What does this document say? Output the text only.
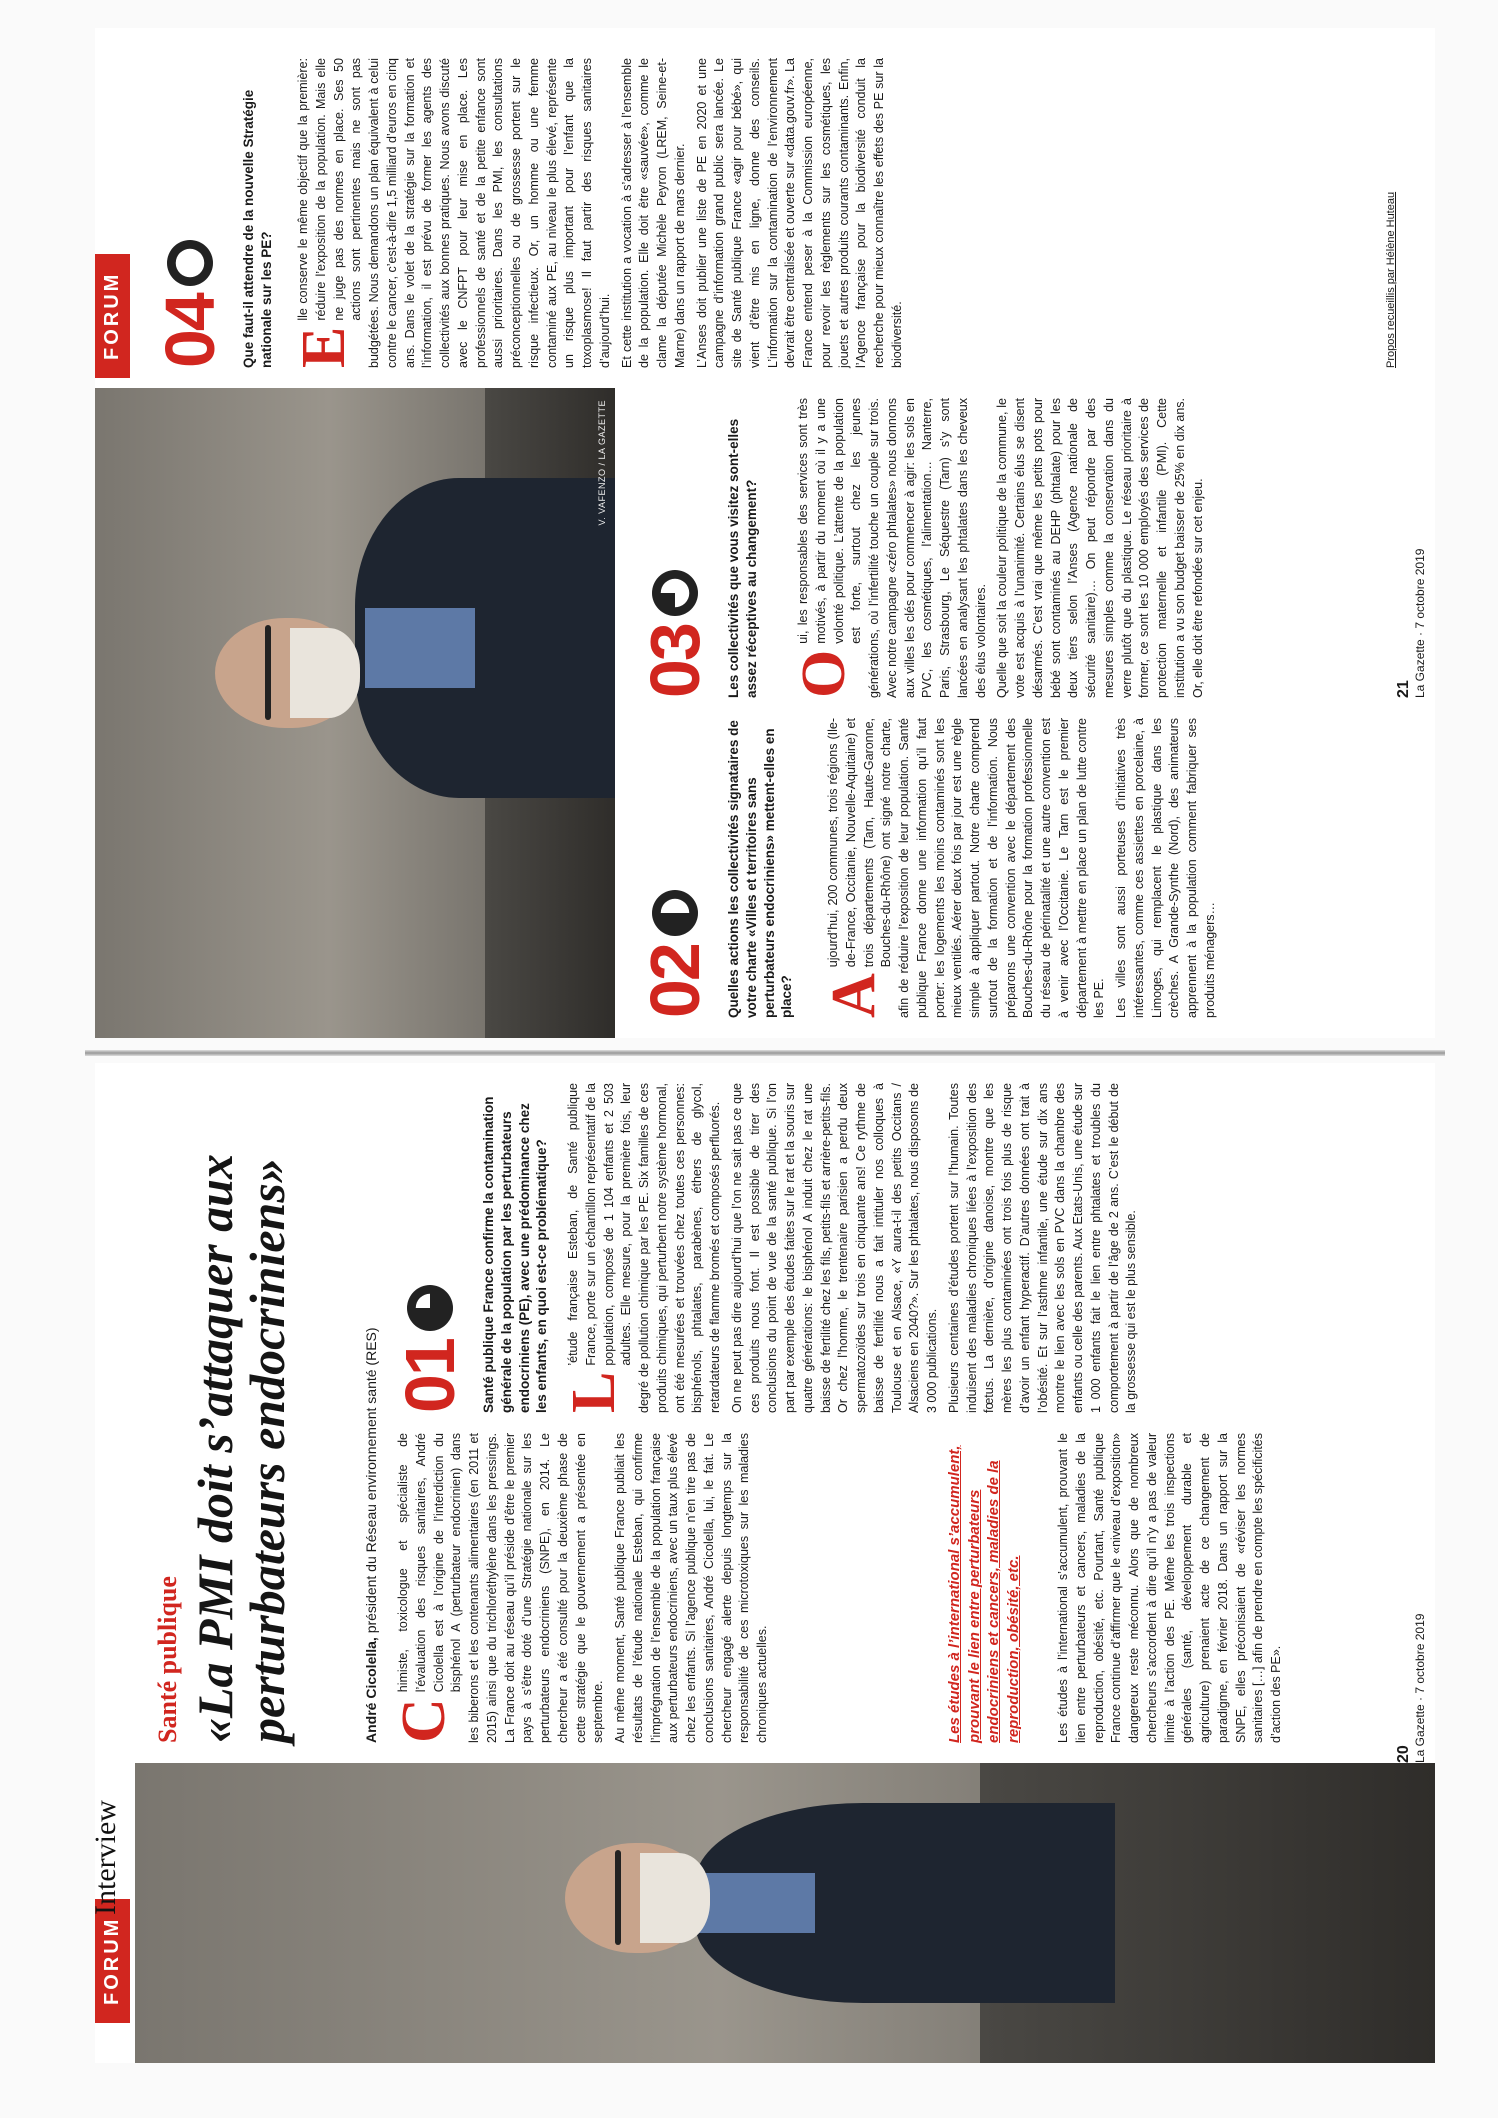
FORUM
Interview
Santé publique «La PMI doit s’attaquer aux perturbateurs endocriniens»	André Cicolella, président du Réseau environnement santé (RES)

C
himiste, toxicologue et spécialiste de l’évaluation des risques sanitaires, André Cicolella est à l’origine de l’interdiction du bisphénol A (perturbateur endocrinien) dans les biberons et les contenants alimentaires (en 2011 et 2015) ainsi que du trichloréthylène dans les pressings. La France doit au réseau qu’il préside d’être le premier pays à s’être doté d’une Stratégie nationale sur les perturbateurs endocriniens (SNPE), en 2014. Le chercheur a été consulté pour la deuxième phase de cette stratégie que le gouvernement a présentée en septembre. Au même moment, Santé publique France publiait les résultats de l’étude nationale Esteban, qui confirme l’imprégnation de l’ensemble de la population française aux perturbateurs endocriniens, avec un taux plus élevé chez les enfants. Si l’agence publique n’en tire pas de conclusions sanitaires, André Cicolella, lui, le fait. Le chercheur engagé alerte depuis longtemps sur la responsabilité de ces microtoxiques sur les maladies chroniques actuelles.	Les études à l’international s’accumulent, prouvant le lien entre perturbateurs endocriniens et cancers, maladies de la reproduction, obésité, etc.	Les études à l’international s’accumulent, prouvant le lien entre perturbateurs et cancers, maladies de la reproduction, obésité, etc. Pourtant, Santé publique France continue d’affirmer que le «niveau d’exposition» dangereux reste méconnu. Alors que de nombreux chercheurs s’accordent à dire qu’il n’y a pas de valeur limite à l’action des PE. Même les trois inspections générales (santé, développement durable et agriculture) prenaient acte de ce changement de paradigme, en février 2018. Dans un rapport sur la SNPE, elles préconisaient de «réviser les normes sanitaires […] afin de prendre en compte les spécificités d’action des PE».

01 Santé publique France confirme la contamination générale de la population par les perturbateurs endocriniens (PE), avec une prédominance chez les enfants, en quoi est-ce problématique? L
’étude française Esteban, de Santé publique France, porte sur un échantillon représentatif de la population, composé de 1 104 enfants et 2 503 adultes. Elle mesure, pour la première fois, leur degré de pollution chimique par les PE. Six familles de ces produits chimiques, qui perturbent notre système hormonal, ont été mesurées et trouvées chez toutes ces personnes: bisphénols, phtalates, parabènes, éthers de glycol, retardateurs de flamme bromés et composés perfluorés. On ne peut pas dire aujourd’hui que l’on ne sait pas ce que ces produits nous font. Il est possible de tirer des conclusions du point de vue de la santé publique. Si l’on part par exemple des études faites sur le rat et la souris sur quatre générations: le bisphénol A induit chez le rat une baisse de fertilité chez les fils, petits-fils et arrière-petits-fils. Or chez l’homme, le trentenaire parisien a perdu deux spermatozoïdes sur trois en cinquante ans! Ce rythme de baisse de fertilité nous a fait intituler nos colloques à Toulouse et en Alsace, «Y aura-t-il des petits Occitans / Alsaciens en 2040?». Sur les phtalates, nous disposons de 3 000 publications. Plusieurs centaines d’études portent sur l’humain. Toutes induisent des maladies chroniques liées à l’exposition des fœtus. La dernière, d’origine danoise, montre que les mères les plus contaminées ont trois fois plus de risque d’avoir un enfant hyperactif. D’autres données ont trait à l’obésité. Et sur l’asthme infantile, une étude sur dix ans montre le lien avec les sols en PVC dans la chambre des enfants ou celle des parents. Aux Etats-Unis, une étude sur 1 000 enfants fait le lien entre phtalates et troubles du comportement à partir de l’âge de 2 ans. C’est le début de la grossesse qui est le plus sensible.

20 La Gazette · 7 octobre 2019
V. VAFENZO / LA GAZETTE
FORUM
02 Quelles actions les collectivités signataires de votre charte «Villes et territoires sans perturbateurs endocriniens» mettent-elles en place? A
ujourd’hui, 200 communes, trois régions (Ile-de-France, Occitanie, Nouvelle-Aquitaine) et trois départements (Tarn, Haute-Garonne, Bouches-du-Rhône) ont signé notre charte, afin de réduire l’exposition de leur population. Santé publique France donne une information qu’il faut porter: les logements les moins contaminés sont les mieux ventilés. Aérer deux fois par jour est une règle simple à appliquer partout. Notre charte comprend surtout de la formation et de l’information. Nous préparons une convention avec le département des Bouches-du-Rhône pour la formation professionnelle du réseau de périnatalité et une autre convention est à venir avec l’Occitanie. Le Tarn est le premier département à mettre en place un plan de lutte contre les PE. Les villes sont aussi porteuses d’initiatives très intéressantes, comme ces assiettes en porcelaine, à Limoges, qui remplacent le plastique dans les crèches. A Grande-Synthe (Nord), des animateurs apprennent à la population comment fabriquer ses produits ménagers…

03 Les collectivités que vous visitez sont-elles assez réceptives au changement? O
ui, les responsables des services sont très motivés, à partir du moment où il y a une volonté politique. L’attente de la population est forte, surtout chez les jeunes générations, où l’infertilité touche un couple sur trois. Avec notre campagne «zéro phtalates» nous donnons aux villes les clés pour commencer à agir: les sols en PVC, les cosmétiques, l’alimentation… Nanterre, Paris, Strasbourg, Le Séquestre (Tarn) s’y sont lancées en analysant les phtalates dans les cheveux des élus volontaires. Quelle que soit la couleur politique de la commune, le vote est acquis à l’unanimité. Certains élus se disent désarmés. C’est vrai que même les petits pots pour bébé sont contaminés au DEHP (phtalate) pour les deux tiers selon l’Anses (Agence nationale de sécurité sanitaire)… On peut répondre par des mesures simples comme la conservation dans du verre plutôt que du plastique. Le réseau prioritaire à former, ce sont les 10 000 employés des services de protection maternelle et infantile (PMI). Cette institution a vu son budget baisser de 25% en dix ans. Or, elle doit être refondée sur cet enjeu.

04 Que faut-il attendre de la nouvelle Stratégie nationale sur les PE? E
lle conserve le même objectif que la première: réduire l’exposition de la population. Mais elle ne juge pas des normes en place. Ses 50 actions sont pertinentes mais ne sont pas budgétées. Nous demandons un plan équivalent à celui contre le cancer, c’est-à-dire 1,5 milliard d’euros en cinq ans. Dans le volet de la stratégie sur la formation et l’information, il est prévu de former les agents des collectivités aux bonnes pratiques. Nous avons discuté avec le CNFPT pour leur mise en place. Les professionnels de santé et de la petite enfance sont aussi prioritaires. Dans les PMI, les consultations préconceptionnelles ou de grossesse portent sur le risque infectieux. Or, un homme ou une femme contaminé aux PE, au niveau le plus élevé, représente un risque plus important pour l’enfant que la toxoplasmose! Il faut partir des risques sanitaires d’aujourd’hui. Et cette institution a vocation à s’adresser à l’ensemble de la population. Elle doit être «sauvée», comme le clame la députée Michèle Peyron (LREM, Seine-et-Marne) dans un rapport de mars dernier. L’Anses doit publier une liste de PE en 2020 et une campagne d’information grand public sera lancée. Le site de Santé publique France «agir pour bébé», qui vient d’être mis en ligne, donne des conseils. L’information sur la contamination de l’environnement devrait être centralisée et ouverte sur «data.gouv.fr». La France entend peser à la Commission européenne, pour revoir les règlements sur les cosmétiques, les jouets et autres produits courants contaminants. Enfin, l’Agence française pour la biodiversité conduit la recherche pour mieux connaître les effets des PE sur la biodiversité.	Propos recueillis par Hélène Huteau
21 La Gazette · 7 octobre 2019
